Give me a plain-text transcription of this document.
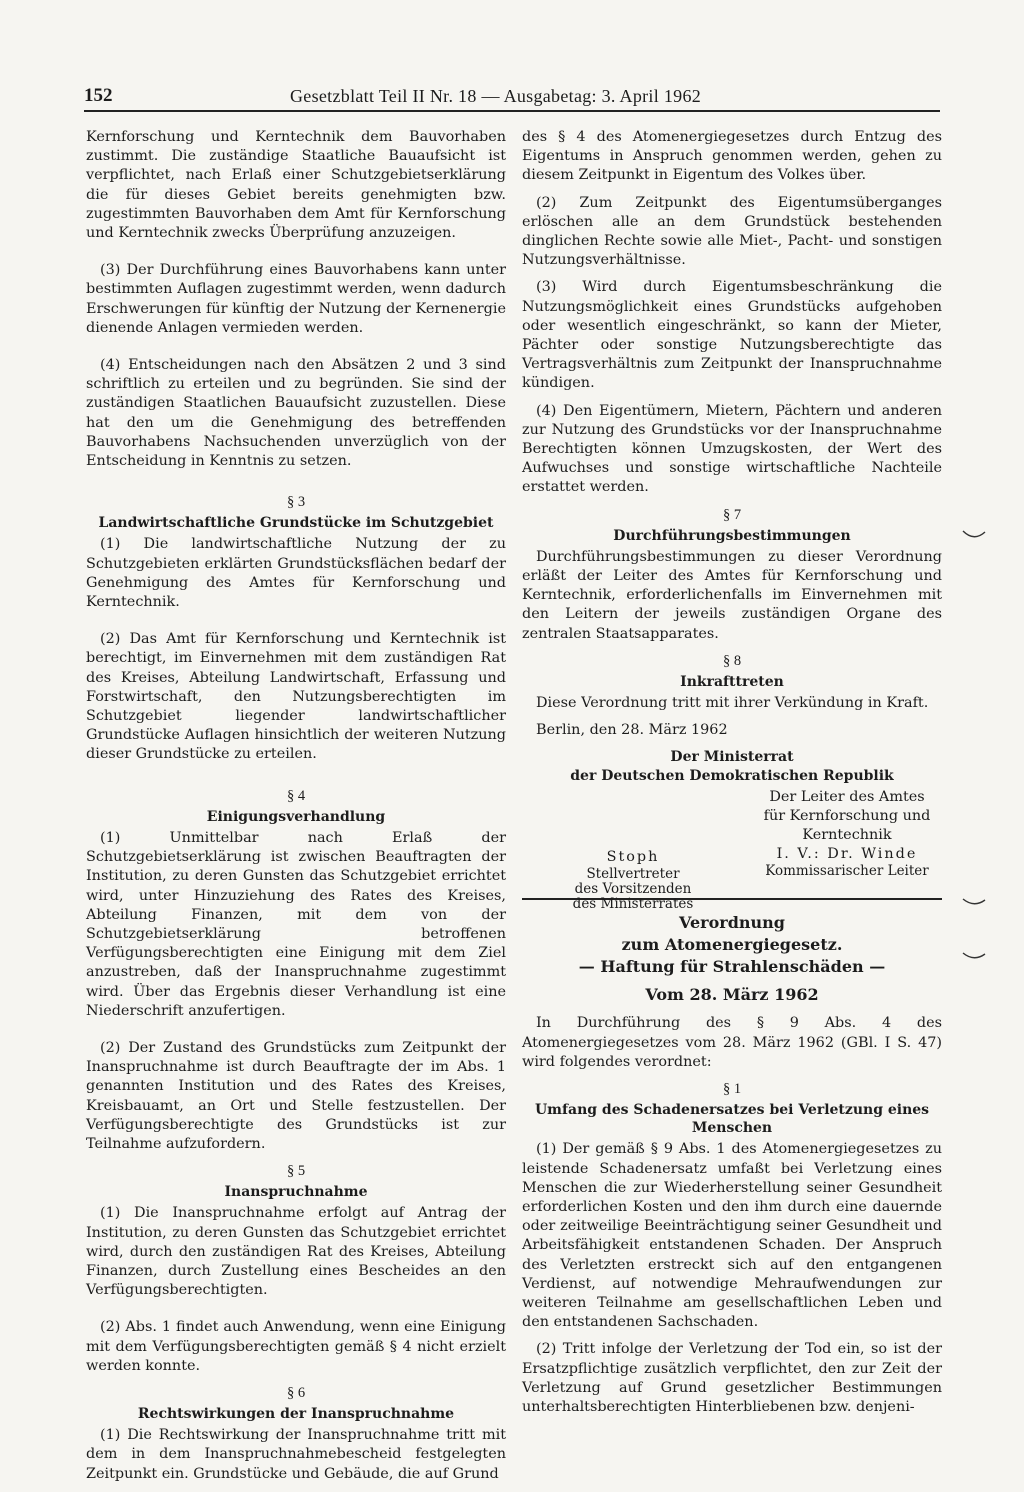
152	Gesetzblatt Teil II Nr. 18 — Ausgabetag: 3. April 1962

Kernforschung und Kerntechnik dem Bauvorhaben zustimmt. Die zuständige Staatliche Bauaufsicht ist verpflichtet, nach Erlaß einer Schutzgebietserklärung die für dieses Gebiet bereits genehmigten bzw. zugestimmten Bauvorhaben dem Amt für Kernforschung und Kerntechnik zwecks Überprüfung anzuzeigen.

(3) Der Durchführung eines Bauvorhabens kann unter bestimmten Auflagen zugestimmt werden, wenn dadurch Erschwerungen für künftig der Nutzung der Kernenergie dienende Anlagen vermieden werden.

(4) Entscheidungen nach den Absätzen 2 und 3 sind schriftlich zu erteilen und zu begründen. Sie sind der zuständigen Staatlichen Bauaufsicht zuzustellen. Diese hat den um die Genehmigung des betreffenden Bauvorhabens Nachsuchenden unverzüglich von der Entscheidung in Kenntnis zu setzen.

§ 3
Landwirtschaftliche Grundstücke im Schutzgebiet

(1) Die landwirtschaftliche Nutzung der zu Schutzgebieten erklärten Grundstücksflächen bedarf der Genehmigung des Amtes für Kernforschung und Kerntechnik.

(2) Das Amt für Kernforschung und Kerntechnik ist berechtigt, im Einvernehmen mit dem zuständigen Rat des Kreises, Abteilung Landwirtschaft, Erfassung und Forstwirtschaft, den Nutzungsberechtigten im Schutzgebiet liegender landwirtschaftlicher Grundstücke Auflagen hinsichtlich der weiteren Nutzung dieser Grundstücke zu erteilen.

§ 4
Einigungsverhandlung

(1) Unmittelbar nach Erlaß der Schutzgebietserklärung ist zwischen Beauftragten der Institution, zu deren Gunsten das Schutzgebiet errichtet wird, unter Hinzuziehung des Rates des Kreises, Abteilung Finanzen, mit dem von der Schutzgebietserklärung betroffenen Verfügungsberechtigten eine Einigung mit dem Ziel anzustreben, daß der Inanspruchnahme zugestimmt wird. Über das Ergebnis dieser Verhandlung ist eine Niederschrift anzufertigen.

(2) Der Zustand des Grundstücks zum Zeitpunkt der Inanspruchnahme ist durch Beauftragte der im Abs. 1 genannten Institution und des Rates des Kreises, Kreisbauamt, an Ort und Stelle festzustellen. Der Verfügungsberechtigte des Grundstücks ist zur Teilnahme aufzufordern.

§ 5
Inanspruchnahme

(1) Die Inanspruchnahme erfolgt auf Antrag der Institution, zu deren Gunsten das Schutzgebiet errichtet wird, durch den zuständigen Rat des Kreises, Abteilung Finanzen, durch Zustellung eines Bescheides an den Verfügungsberechtigten.

(2) Abs. 1 findet auch Anwendung, wenn eine Einigung mit dem Verfügungsberechtigten gemäß § 4 nicht erzielt werden konnte.

§ 6
Rechtswirkungen der Inanspruchnahme

(1) Die Rechtswirkung der Inanspruchnahme tritt mit dem in dem Inanspruchnahmebescheid festgelegten Zeitpunkt ein. Grundstücke und Gebäude, die auf Grund

des § 4 des Atomenergiegesetzes durch Entzug des Eigentums in Anspruch genommen werden, gehen zu diesem Zeitpunkt in Eigentum des Volkes über.

(2) Zum Zeitpunkt des Eigentumsüberganges erlöschen alle an dem Grundstück bestehenden dinglichen Rechte sowie alle Miet-, Pacht- und sonstigen Nutzungsverhältnisse.

(3) Wird durch Eigentumsbeschränkung die Nutzungsmöglichkeit eines Grundstücks aufgehoben oder wesentlich eingeschränkt, so kann der Mieter, Pächter oder sonstige Nutzungsberechtigte das Vertragsverhältnis zum Zeitpunkt der Inanspruchnahme kündigen.

(4) Den Eigentümern, Mietern, Pächtern und anderen zur Nutzung des Grundstücks vor der Inanspruchnahme Berechtigten können Umzugskosten, der Wert des Aufwuchses und sonstige wirtschaftliche Nachteile erstattet werden.

§ 7
Durchführungsbestimmungen

Durchführungsbestimmungen zu dieser Verordnung erläßt der Leiter des Amtes für Kernforschung und Kerntechnik, erforderlichenfalls im Einvernehmen mit den Leitern der jeweils zuständigen Organe des zentralen Staatsapparates.

§ 8
Inkrafttreten

Diese Verordnung tritt mit ihrer Verkündung in Kraft.

Berlin, den 28. März 1962

Der Ministerrat
der Deutschen Demokratischen Republik
Der Leiter des Amtes
für Kernforschung und
Kerntechnik
I. V.: Dr. Winde
Kommissarischer Leiter
Stoph
Stellvertreter
des Vorsitzenden
des Ministerrates
Verordnung
zum Atomenergiegesetz.
— Haftung für Strahlenschäden —
Vom 28. März 1962

In Durchführung des § 9 Abs. 4 des Atomenergiegesetzes vom 28. März 1962 (GBl. I S. 47) wird folgendes verordnet:

§ 1
Umfang des Schadenersatzes bei Verletzung eines Menschen

(1) Der gemäß § 9 Abs. 1 des Atomenergiegesetzes zu leistende Schadenersatz umfaßt bei Verletzung eines Menschen die zur Wiederherstellung seiner Gesundheit erforderlichen Kosten und den ihm durch eine dauernde oder zeitweilige Beeinträchtigung seiner Gesundheit und Arbeitsfähigkeit entstandenen Schaden. Der Anspruch des Verletzten erstreckt sich auf den entgangenen Verdienst, auf notwendige Mehraufwendungen zur weiteren Teilnahme am gesellschaftlichen Leben und den entstandenen Sachschaden.

(2) Tritt infolge der Verletzung der Tod ein, so ist der Ersatzpflichtige zusätzlich verpflichtet, den zur Zeit der Verletzung auf Grund gesetzlicher Bestimmungen unterhaltsberechtigten Hinterbliebenen bzw. denjeni-
